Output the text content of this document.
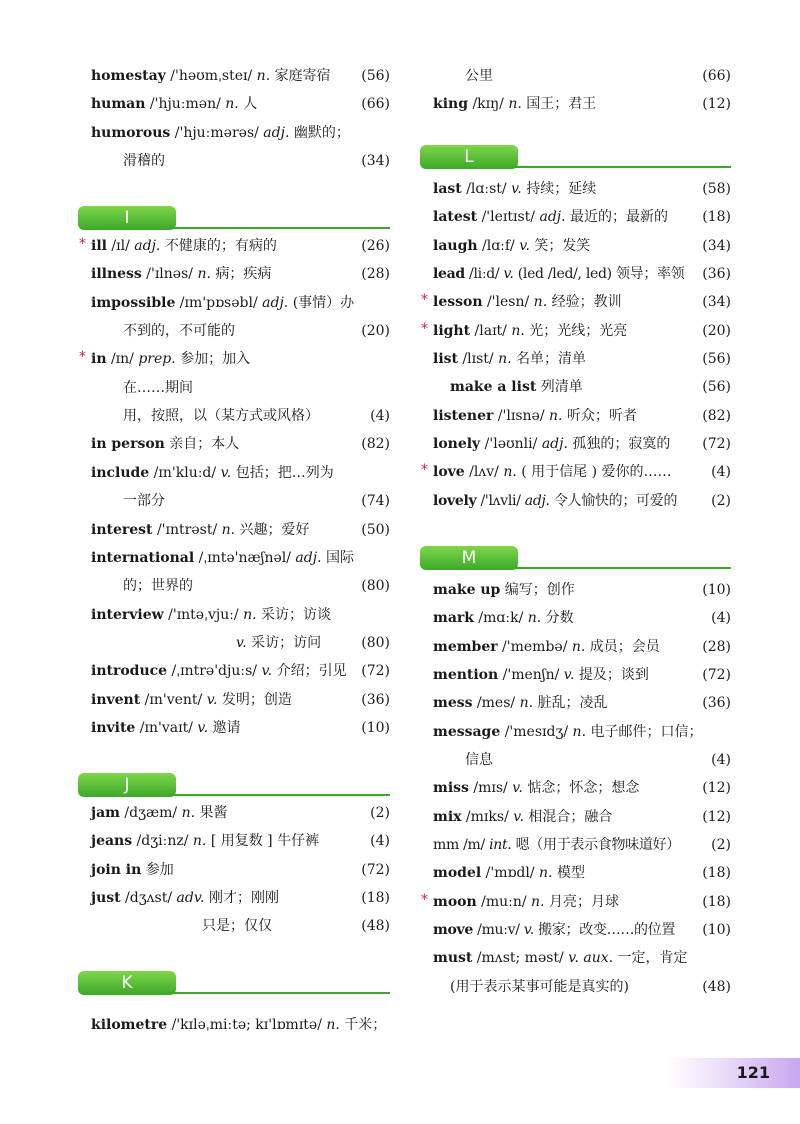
homestay /'həʊmˌsteɪ/ n. 家庭寄宿 (56)
human /'hjuːmən/ n. 人	(66)
humorous /'hjuːmərəs/ adj. 幽默的；
滑稽的	(34)
I
* ill /ɪl/ adj. 不健康的；有病的	(26)
illness /'ɪlnəs/ n. 病；疾病	(28)
impossible /ɪm'pɒsəbl/ adj. (事情）办
不到的，不可能的	(20)
* in /ɪn/ prep. 参加；加入
在……期间
用，按照，以（某方式或风格）	(4)
in person 亲自；本人	(82)
include /ɪn'kluːd/ v. 包括；把…列为
一部分	(74)
interest /'ɪntrəst/ n. 兴趣；爱好	(50)
international /ˌɪntə'næʃnəl/ adj. 国际
的；世界的	(80)
interview /'ɪntəˌvjuː/ n. 采访；访谈
v. 采访；访问	(80)
introduce /ˌɪntrə'djuːs/ v. 介绍；引见 (72)
invent /ɪn'vent/ v. 发明；创造	(36)
invite /ɪn'vaɪt/ v. 邀请	(10)
J
jam /dʒæm/ n. 果酱	(2)
jeans /dʒiːnz/ n. [ 用复数 ] 牛仔裤	(4)
join in 参加	(72)
just /dʒʌst/ adv. 刚才；刚刚	(18)
只是；仅仅	(48)
K
kilometre /'kɪləˌmiːtə; kɪ'lɒmɪtə/ n. 千米；
公里	(66)
king /kɪŋ/ n. 国王；君王	(12)
L
last /lɑːst/ v. 持续；延续	(58)
latest /'leɪtɪst/ adj. 最近的；最新的 (18)
laugh /lɑːf/ v. 笑；发笑	(34)
lead /liːd/ v. (led /led/, led) 领导；率领 (36)
* lesson /'lesn/ n. 经验；教训	(34)
* light /laɪt/ n. 光；光线；光亮	(20)
list /lɪst/ n. 名单；清单	(56)
make a list 列清单	(56)
listener /'lɪsnə/ n. 听众；听者	(82)
lonely /'ləʊnli/ adj. 孤独的；寂寞的 (72)
* love /lʌv/ n. ( 用于信尾 ) 爱你的……	(4)
lovely /'lʌvli/ adj. 令人愉快的；可爱的 (2)
M
make up 编写；创作	(10)
mark /mɑːk/ n. 分数	(4)
member /'membə/ n. 成员；会员	(28)
mention /'menʃn/ v. 提及；谈到	(72)
mess /mes/ n. 脏乱；凌乱	(36)
message /'mesɪdʒ/ n. 电子邮件；口信；
信息	(4)
miss /mɪs/ v. 惦念；怀念；想念	(12)
mix /mɪks/ v. 相混合；融合	(12)
mm /m/ int. 嗯（用于表示食物味道好） (2)
model /'mɒdl/ n. 模型	(18)
* moon /muːn/ n. 月亮；月球	(18)
move /muːv/ v. 搬家；改变……的位置 (10)
must /mʌst; məst/ v. aux. 一定，肯定
(用于表示某事可能是真实的)	(48)
121
